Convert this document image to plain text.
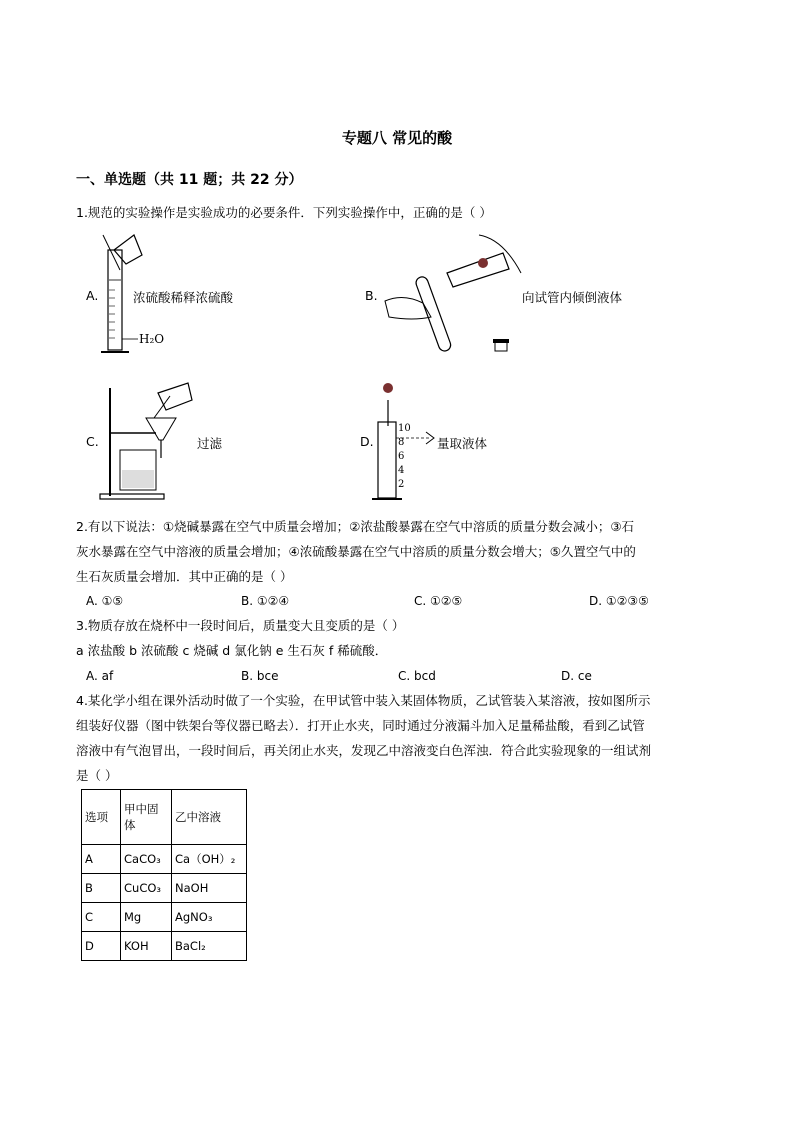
专题八 常见的酸
一、单选题（共 11 题；共 22 分）
1.规范的实验操作是实验成功的必要条件．下列实验操作中，正确的是（ ）
A.	浓硫酸稀释浓硫酸
H₂O
B.	向试管内倾倒液体
C.	过滤	D.
10
8
6
4
2
量取液体
2.有以下说法：①烧碱暴露在空气中质量会增加；②浓盐酸暴露在空气中溶质的质量分数会减小；③石
灰水暴露在空气中溶液的质量会增加；④浓硫酸暴露在空气中溶质的质量分数会增大；⑤久置空气中的
生石灰质量会增加．其中正确的是（ ）
A. ①⑤	B. ①②④	C. ①②⑤	D. ①②③⑤
3.物质存放在烧杯中一段时间后，质量变大且变质的是（ ）
a 浓盐酸 b 浓硫酸 c 烧碱 d 氯化钠 e 生石灰 f 稀硫酸．
A. af	B. bce	C. bcd	D. ce
4.某化学小组在课外活动时做了一个实验，在甲试管中装入某固体物质，乙试管装入某溶液，按如图所示
组装好仪器（图中铁架台等仪器已略去）．打开止水夹，同时通过分液漏斗加入足量稀盐酸，看到乙试管
溶液中有气泡冒出，一段时间后，再关闭止水夹，发现乙中溶液变白色浑浊．符合此实验现象的一组试剂
是（ ）
选项	甲中固体	乙中溶液
A	CaCO₃	Ca（OH）₂
B	CuCO₃	NaOH
C	Mg	AgNO₃
D	KOH	BaCl₂
